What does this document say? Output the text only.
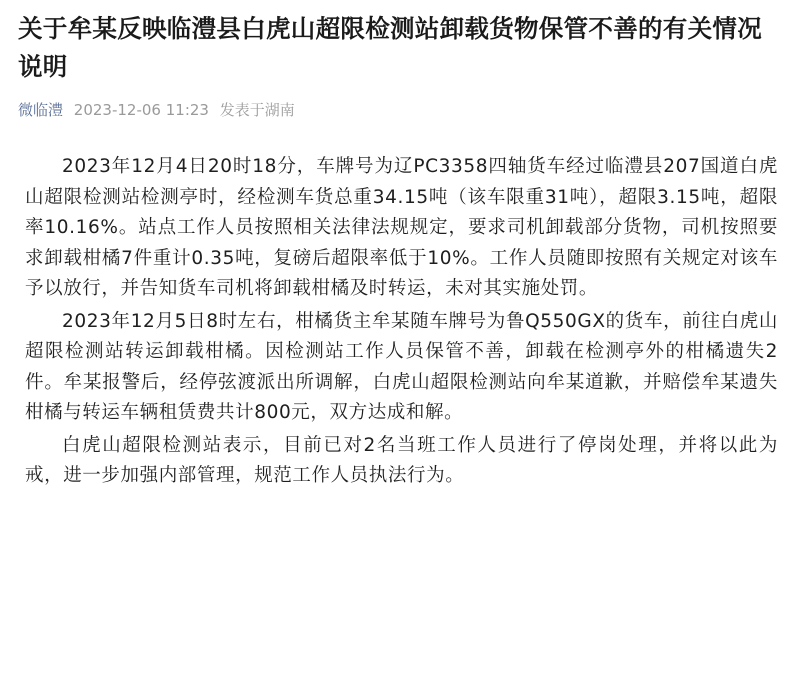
关于牟某反映临澧县白虎山超限检测站卸载货物保管不善的有关情况说明
微临澧 2023-12-06 11:23 发表于湖南

2023年12月4日20时18分，车牌号为辽PC3358四轴货车经过临澧县207国道白虎山超限检测站检测亭时，经检测车货总重34.15吨（该车限重31吨），超限3.15吨，超限率10.16%。站点工作人员按照相关法律法规规定，要求司机卸载部分货物，司机按照要求卸载柑橘7件重计0.35吨，复磅后超限率低于10%。工作人员随即按照有关规定对该车予以放行，并告知货车司机将卸载柑橘及时转运，未对其实施处罚。

2023年12月5日8时左右，柑橘货主牟某随车牌号为鲁Q550GX的货车，前往白虎山超限检测站转运卸载柑橘。因检测站工作人员保管不善，卸载在检测亭外的柑橘遗失2件。牟某报警后，经停弦渡派出所调解，白虎山超限检测站向牟某道歉，并赔偿牟某遗失柑橘与转运车辆租赁费共计800元，双方达成和解。

白虎山超限检测站表示，目前已对2名当班工作人员进行了停岗处理，并将以此为戒，进一步加强内部管理，规范工作人员执法行为。
